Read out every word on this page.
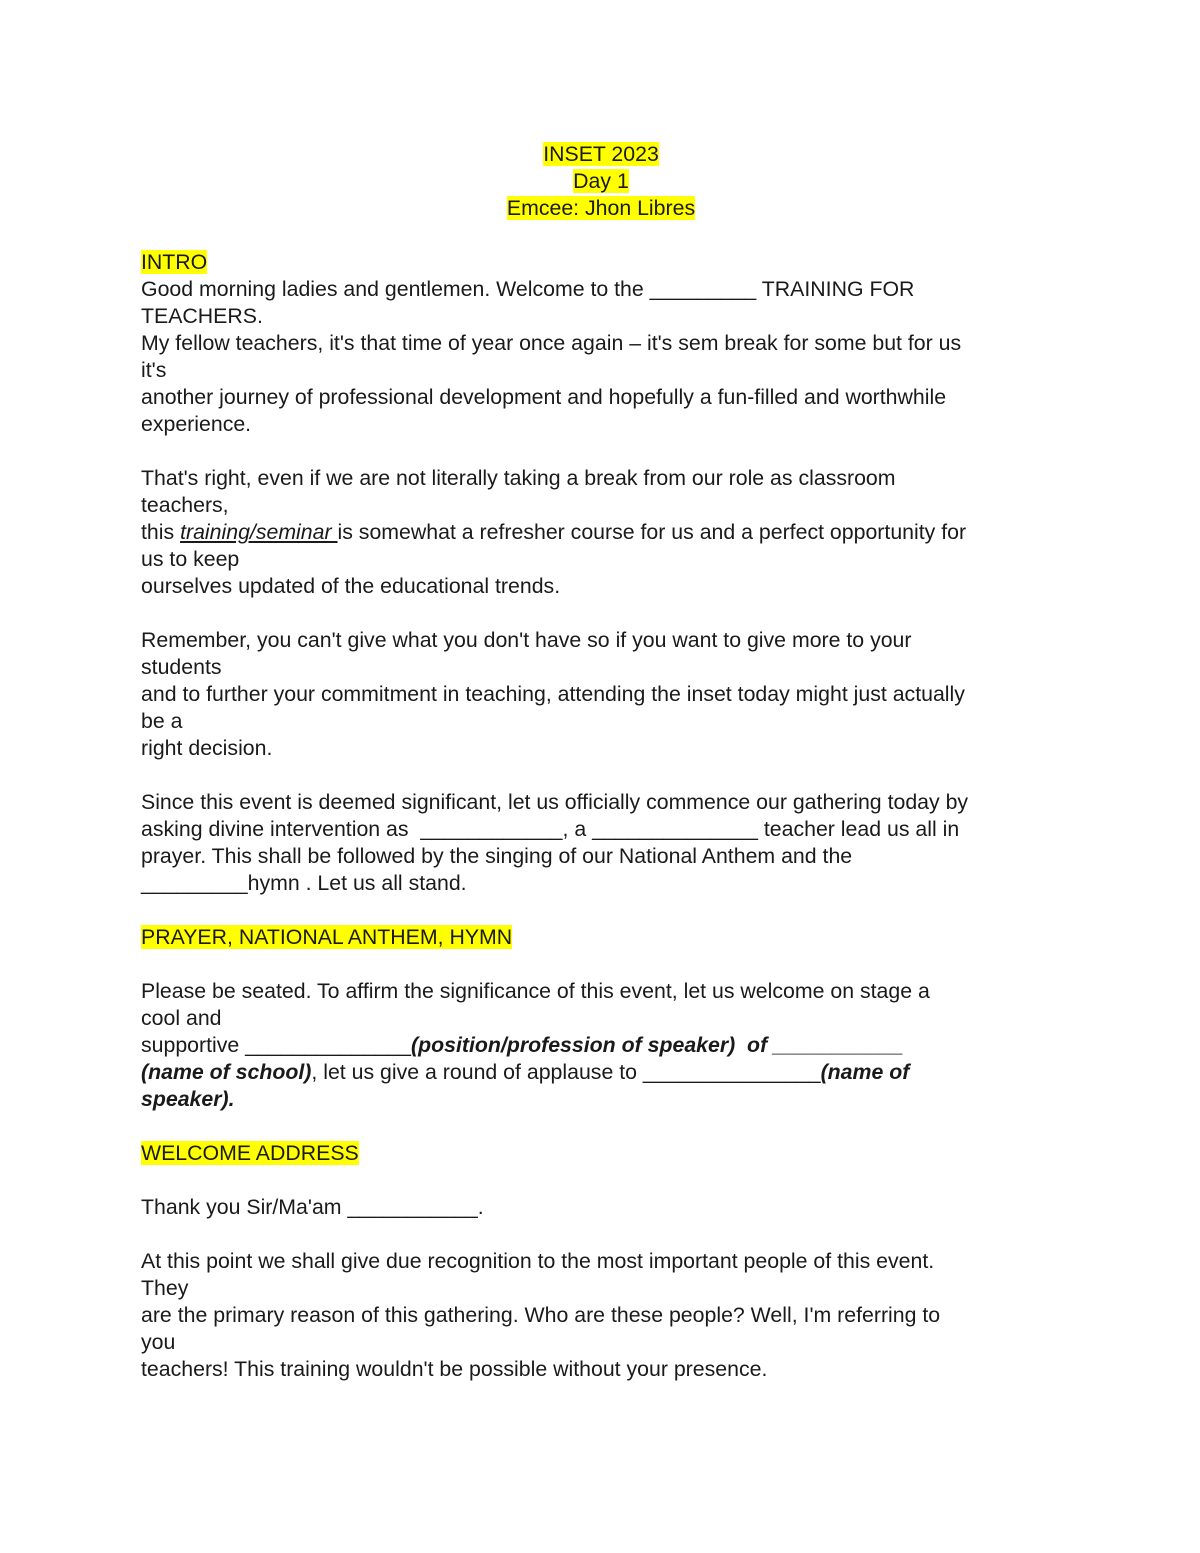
INSET 2023
Day 1
Emcee: Jhon Libres
INTRO
Good morning ladies and gentlemen. Welcome to the _________ TRAINING FOR
TEACHERS.
My fellow teachers, it's that time of year once again – it's sem break for some but for us
it's
another journey of professional development and hopefully a fun-filled and worthwhile
experience.
That's right, even if we are not literally taking a break from our role as classroom
teachers,
this training/seminar is somewhat a refresher course for us and a perfect opportunity for
us to keep
ourselves updated of the educational trends.
Remember, you can't give what you don't have so if you want to give more to your
students
and to further your commitment in teaching, attending the inset today might just actually
be a
right decision.
Since this event is deemed significant, let us officially commence our gathering today by
asking divine intervention as  ____________, a ______________ teacher lead us all in
prayer. This shall be followed by the singing of our National Anthem and the
_________hymn . Let us all stand.
PRAYER, NATIONAL ANTHEM, HYMN
Please be seated. To affirm the significance of this event, let us welcome on stage a
cool and
supportive ______________(position/profession of speaker)  of ___________
(name of school), let us give a round of applause to _______________(name of
speaker).
WELCOME ADDRESS
Thank you Sir/Ma'am ___________.
At this point we shall give due recognition to the most important people of this event.
They
are the primary reason of this gathering. Who are these people? Well, I'm referring to
you
teachers! This training wouldn't be possible without your presence.
